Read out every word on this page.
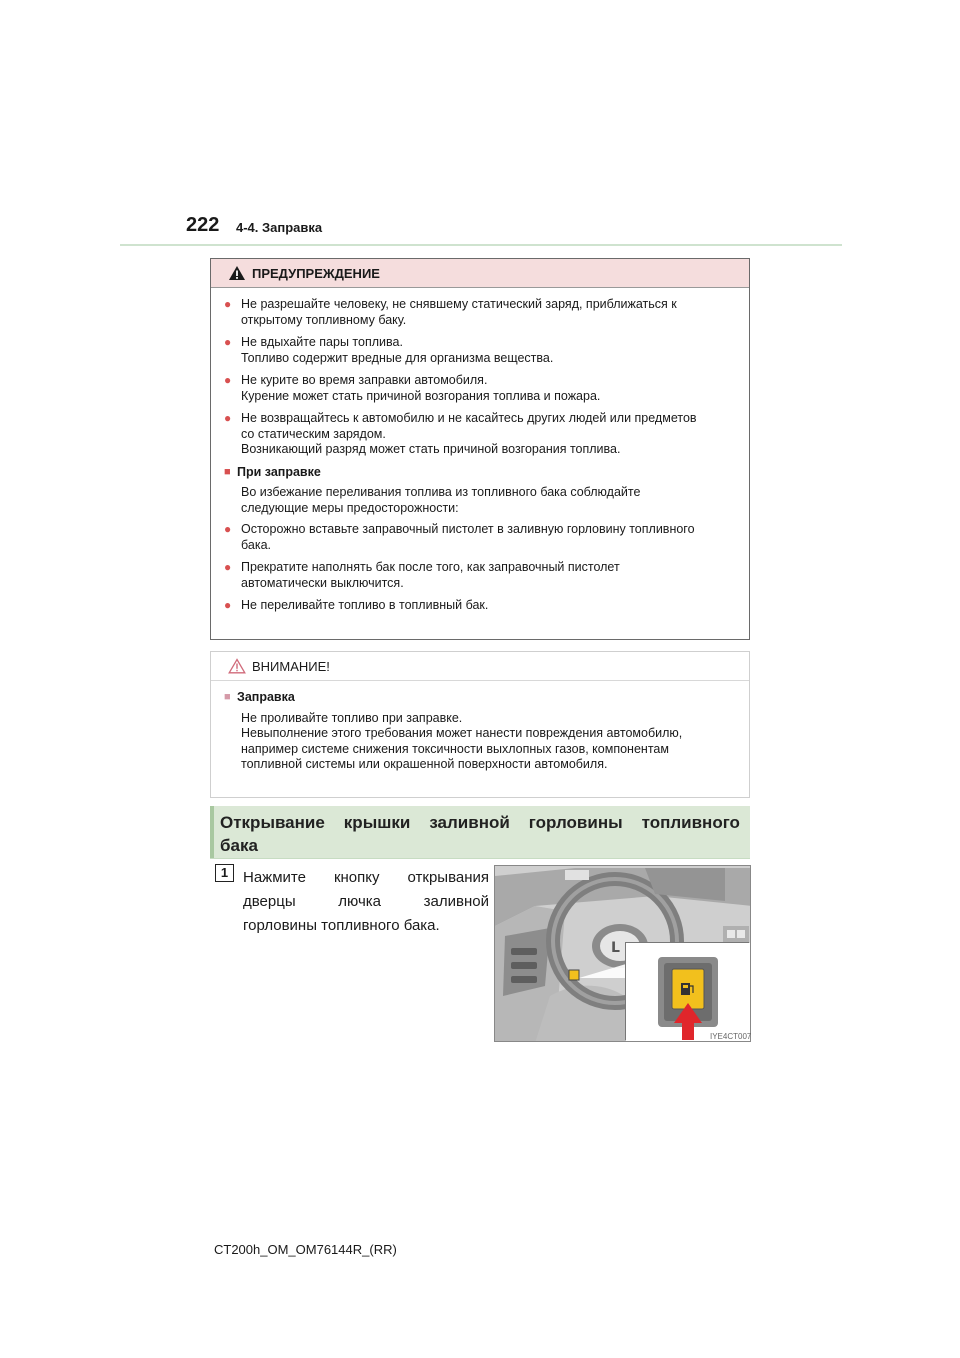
222 4-4. Заправка
ПРЕДУПРЕЖДЕНИЕ
● Не разрешайте человеку, не снявшему статический заряд, приближаться к
открытому топливному баку.
● Не вдыхайте пары топлива.
Топливо содержит вредные для организма вещества.
● Не курите во время заправки автомобиля.
Курение может стать причиной возгорания топлива и пожара.
● Не возвращайтесь к автомобилю и не касайтесь других людей или предметов
со статическим зарядом.
Возникающий разряд может стать причиной возгорания топлива.
■ При заправке
Во избежание переливания топлива из топливного бака соблюдайте
следующие меры предосторожности:
● Осторожно вставьте заправочный пистолет в заливную горловину топливного
бака.
● Прекратите наполнять бак после того, как заправочный пистолет
автоматически выключится.
● Не переливайте топливо в топливный бак.
ВНИМАНИЕ!
■ Заправка
Не проливайте топливо при заправке.
Невыполнение этого требования может нанести повреждения автомобилю,
например системе снижения токсичности выхлопных газов, компонентам
топливной системы или окрашенной поверхности автомобиля.
Открывание крышки заливной горловины топливного
бака
1 Нажмите кнопку открывания
дверцы	лючка	заливной
горловины топливного бака.
L
IYE4CT007
CT200h_OM_OM76144R_(RR)
